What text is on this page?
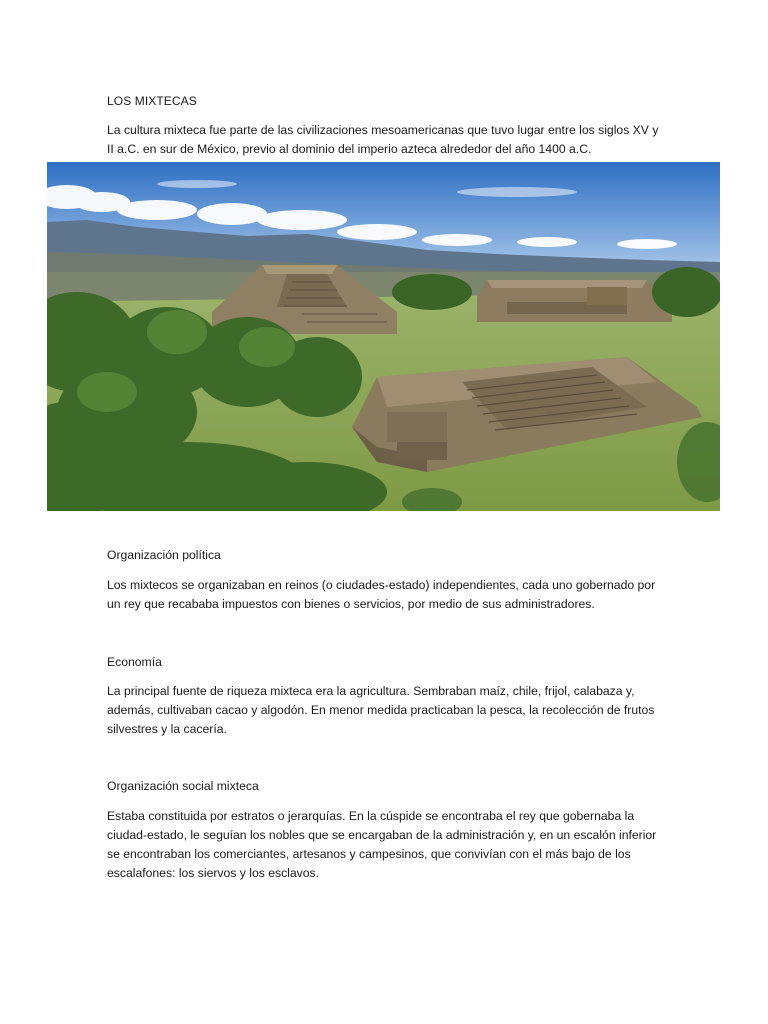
LOS MIXTECAS
La cultura mixteca fue parte de las civilizaciones mesoamericanas que tuvo lugar entre los siglos XV y II a.C. en sur de México, previo al dominio del imperio azteca alrededor del año 1400 a.C.
Organización política
Los mixtecos se organizaban en reinos (o ciudades-estado) independientes, cada uno gobernado por un rey que recababa impuestos con bienes o servicios, por medio de sus administradores.
Economía
La principal fuente de riqueza mixteca era la agricultura. Sembraban maíz, chile, frijol, calabaza y, además, cultivaban cacao y algodón. En menor medida practicaban la pesca, la recolección de frutos silvestres y la cacería.
Organización social mixteca
Estaba constituida por estratos o jerarquías. En la cúspide se encontraba el rey que gobernaba la ciudad-estado, le seguían los nobles que se encargaban de la administración y, en un escalón inferior se encontraban los comerciantes, artesanos y campesinos, que convivían con el más bajo de los escalafones: los siervos y los esclavos.
